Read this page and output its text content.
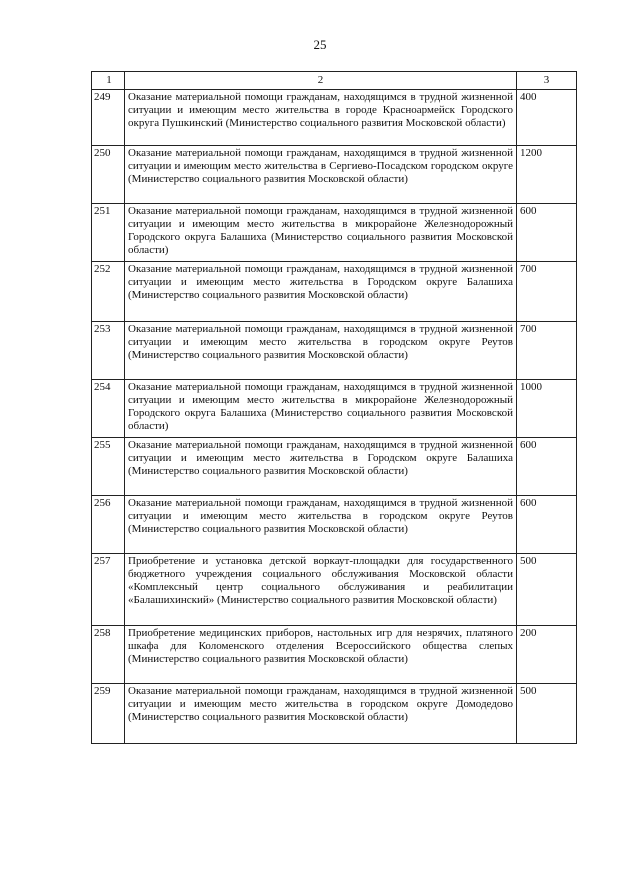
25
1	2	3
249	Оказание материальной помощи гражданам, находящимся в трудной жизненной ситуации и имеющим место жительства в городе Красноармейск Городского округа Пушкинский (Министерство социального развития Московской области)	400
250	Оказание материальной помощи гражданам, находящимся в трудной жизненной ситуации и имеющим место жительства в Сергиево-Посадском городском округе (Министерство социального развития Московской области)	1200
251	Оказание материальной помощи гражданам, находящимся в трудной жизненной ситуации и имеющим место жительства в микрорайоне Железнодорожный Городского округа Балашиха (Министерство социального развития Московской области)	600
252	Оказание материальной помощи гражданам, находящимся в трудной жизненной ситуации и имеющим место жительства в Городском округе Балашиха (Министерство социального развития Московской области)	700
253	Оказание материальной помощи гражданам, находящимся в трудной жизненной ситуации и имеющим место жительства в городском округе Реутов (Министерство социального развития Московской области)	700
254	Оказание материальной помощи гражданам, находящимся в трудной жизненной ситуации и имеющим место жительства в микрорайоне Железнодорожный Городского округа Балашиха (Министерство социального развития Московской области)	1000
255	Оказание материальной помощи гражданам, находящимся в трудной жизненной ситуации и имеющим место жительства в Городском округе Балашиха (Министерство социального развития Московской области)	600
256	Оказание материальной помощи гражданам, находящимся в трудной жизненной ситуации и имеющим место жительства в городском округе Реутов (Министерство социального развития Московской области)	600
257	Приобретение и установка детской воркаут-площадки для государственного бюджетного учреждения социального обслуживания Московской области «Комплексный центр социального обслуживания и реабилитации «Балашихинский» (Министерство социального развития Московской области)	500
258	Приобретение медицинских приборов, настольных игр для незрячих, платяного шкафа для Коломенского отделения Всероссийского общества слепых (Министерство социального развития Московской области)	200
259	Оказание материальной помощи гражданам, находящимся в трудной жизненной ситуации и имеющим место жительства в городском округе Домодедово (Министерство социального развития Московской области)	500
